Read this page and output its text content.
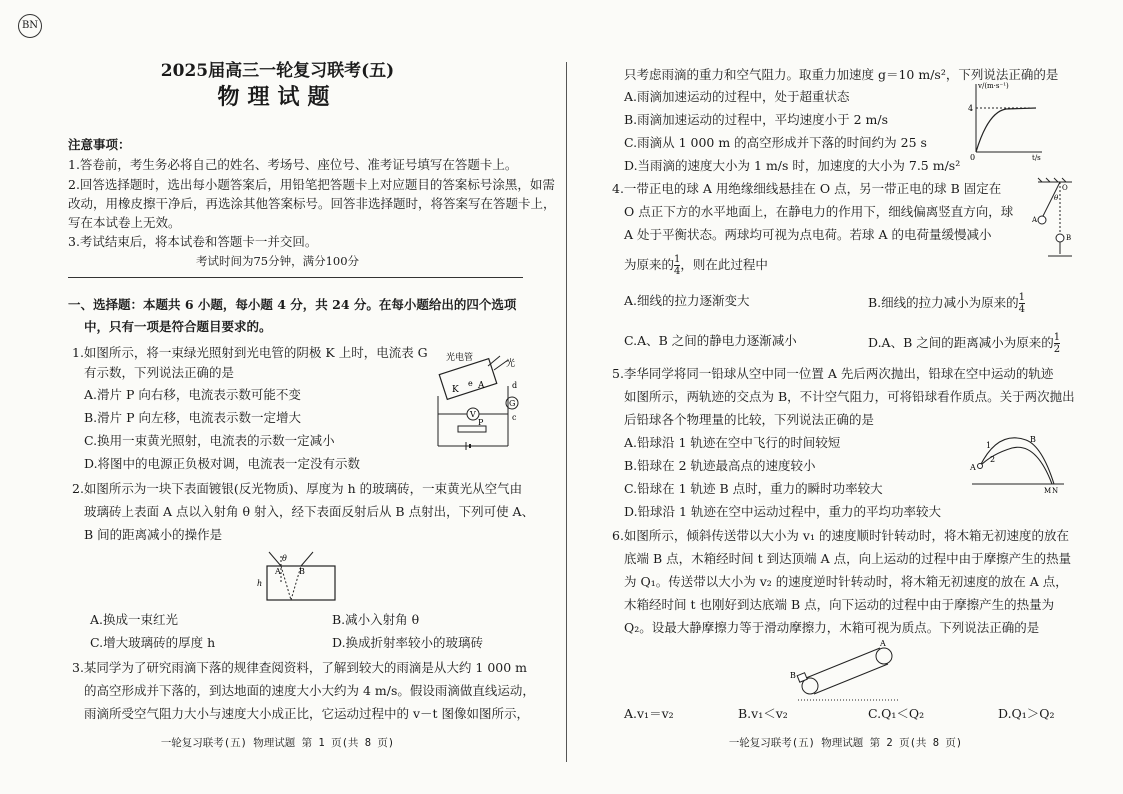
BN
2025届高三一轮复习联考(五)
物理试题
注意事项：
1.答卷前，考生务必将自己的姓名、考场号、座位号、准考证号填写在答题卡上。
2.回答选择题时，选出每小题答案后，用铅笔把答题卡上对应题目的答案标号涂黑，如需
改动，用橡皮擦干净后，再选涂其他答案标号。回答非选择题时，将答案写在答题卡上，
写在本试卷上无效。
3.考试结束后，将本试卷和答题卡一并交回。
考试时间为75分钟，满分100分
一、选择题：本题共 6 小题，每小题 4 分，共 24 分。在每小题给出的四个选项
中，只有一项是符合题目要求的。
1.如图所示，将一束绿光照射到光电管的阴极 K 上时，电流表 G
有示数，下列说法正确的是
A.滑片 P 向右移，电流表示数可能不变
B.滑片 P 向左移，电流表示数一定增大
C.换用一束黄光照射，电流表的示数一定减小
D.将图中的电源正负极对调，电流表一定没有示数
光电管
光
K A
e
G
d
c
V
P
2.如图所示为一块下表面镀银(反光物质)、厚度为 h 的玻璃砖，一束黄光从空气由
玻璃砖上表面 A 点以入射角 θ 射入，经下表面反射后从 B 点射出，下列可使 A、
B 间的距离减小的操作是
θ
A B
h
A.换成一束红光	B.减小入射角 θ
C.增大玻璃砖的厚度 h	D.换成折射率较小的玻璃砖
3.某同学为了研究雨滴下落的规律查阅资料，了解到较大的雨滴是从大约 1 000 m
的高空形成并下落的，到达地面的速度大小大约为 4 m/s。假设雨滴做直线运动，
雨滴所受空气阻力大小与速度大小成正比，它运动过程中的 v－t 图像如图所示，
一轮复习联考(五) 物理试题 第 1 页(共 8 页)
只考虑雨滴的重力和空气阻力。取重力加速度 g＝10 m/s²，下列说法正确的是
A.雨滴加速运动的过程中，处于超重状态
B.雨滴加速运动的过程中，平均速度小于 2 m/s
C.雨滴从 1 000 m 的高空形成并下落的时间约为 25 s
D.当雨滴的速度大小为 1 m/s 时，加速度的大小为 7.5 m/s²
v/(m·s⁻¹)
4
0	t/s
4.一带正电的球 A 用绝缘细线悬挂在 O 点，另一带正电的球 B 固定在
O 点正下方的水平地面上，在静电力的作用下，细线偏离竖直方向，球
A 处于平衡状态。两球均可视为点电荷。若球 A 的电荷量缓慢减小
为原来的 $\frac{1}{4}$ ，则在此过程中
O
θ
A
B
A.细线的拉力逐渐变大	B.细线的拉力减小为原来的 $\frac{1}{4}$
C.A、B 之间的静电力逐渐减小	D.A、B 之间的距离减小为原来的 $\frac{1}{2}$
5.李华同学将同一铅球从空中同一位置 A 先后两次抛出，铅球在空中运动的轨迹
如图所示，两轨迹的交点为 B，不计空气阻力，可将铅球看作质点。关于两次抛出
后铅球各个物理量的比较，下列说法正确的是
A.铅球沿 1 轨迹在空中飞行的时间较短
B.铅球在 2 轨迹最高点的速度较小
C.铅球在 1 轨迹 B 点时，重力的瞬时功率较大
D.铅球沿 1 轨迹在空中运动过程中，重力的平均功率较大
A
1
2
B
M N
6.如图所示，倾斜传送带以大小为 v₁ 的速度顺时针转动时，将木箱无初速度的放在
底端 B 点，木箱经时间 t 到达顶端 A 点，向上运动的过程中由于摩擦产生的热量
为 Q₁。传送带以大小为 v₂ 的速度逆时针转动时，将木箱无初速度的放在 A 点，
木箱经时间 t 也刚好到达底端 B 点，向下运动的过程中由于摩擦产生的热量为
Q₂。设最大静摩擦力等于滑动摩擦力，木箱可视为质点。下列说法正确的是
B
A
A.v₁＝v₂	B.v₁＜v₂	C.Q₁＜Q₂	D.Q₁＞Q₂
一轮复习联考(五) 物理试题 第 2 页(共 8 页)
